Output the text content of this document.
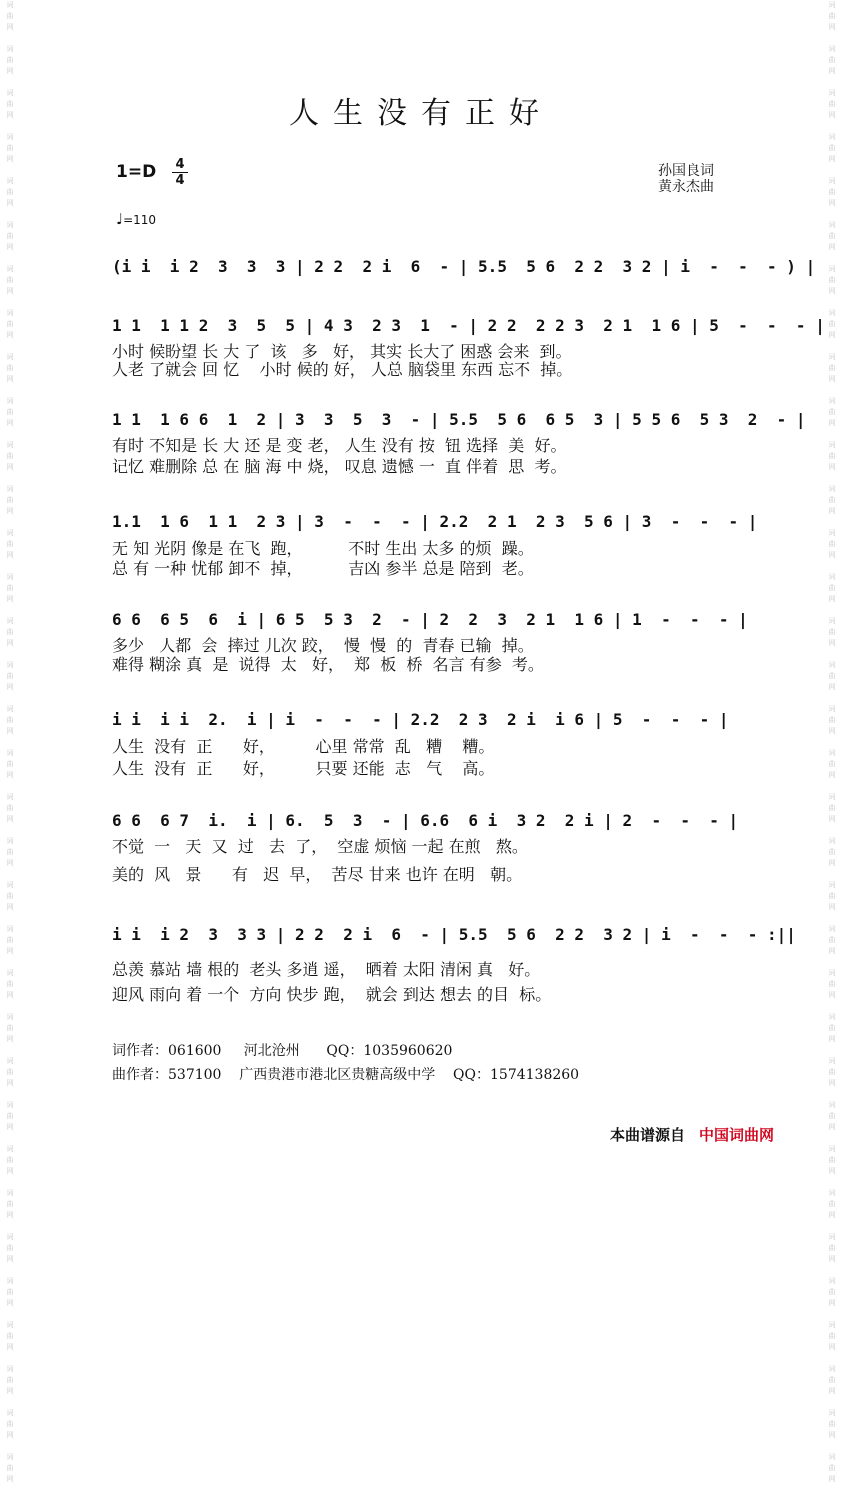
词
曲
网

词
曲
网

词
曲
网

词
曲
网

词
曲
网

词
曲
网

词
曲
网

词
曲
网

词
曲
网

词
曲
网

词
曲
网

词
曲
网

词
曲
网

词
曲
网

词
曲
网

词
曲
网

词
曲
网

词
曲
网

词
曲
网

词
曲
网

词
曲
网

词
曲
网

词
曲
网

词
曲
网

词
曲
网

词
曲
网

词
曲
网

词
曲
网

词
曲
网

词
曲
网

词
曲
网

词
曲
网

词
曲
网

词
曲
网

词
曲
网

词
曲
网

词
曲
网

词
曲
网

词
曲
网

词
曲
网

词
曲
网

词
曲
网

词
曲
网

词
曲
网

词
曲
网

词
曲
网

词
曲
网

词
曲
网

词
曲
网

词
曲
网

词
曲
网

词
曲
网

词
曲
网

词
曲
网

词
曲
网

词
曲
网

词
曲
网

词
曲
网

词
曲
网

词
曲
网

词
曲
网

词
曲
网

词
曲
网

词
曲
网

词
曲
网

词
曲
网

词
曲
网

词
曲
网

人生没有正好
1=D 4
4
孙国良词
黄永杰曲
♩=110
(i i  i 2  3  3  3 | 2 2  2 i  6  - | 5.5  5 6  2 2  3 2 | i  -  -  - ) |
1 1  1 1 2  3  5  5 | 4 3  2 3  1  - | 2 2  2 2 3  2 1  1 6 | 5  -  -  - |
小时 候盼望 长 大 了  该   多   好， 其实 长大了 困惑 会来  到。
人老 了就会 回 忆    小时 候的 好， 人总 脑袋里 东西 忘不  掉。
1 1  1 6 6  1  2 | 3  3  5  3  - | 5.5  5 6  6 5  3 | 5 5 6  5 3  2  - |
有时 不知是 长 大 还 是 变 老， 人生 没有 按  钮 选择  美  好。
记忆 难删除 总 在 脑 海 中 烧， 叹息 遗憾 一  直 伴着  思  考。
1.1  1 6  1 1  2 3 | 3  -  -  - | 2.2  2 1  2 3  5 6 | 3  -  -  - |
无 知 光阴 像是 在飞  跑，         不时 生出 太多 的烦  躁。
总 有 一种 忧郁 卸不  掉，         吉凶 参半 总是 陪到  老。
6 6  6 5  6  i | 6 5  5 3  2  - | 2  2  3  2 1  1 6 | 1  -  -  - |
多少   人都  会  摔过 儿次 跤，  慢  慢  的  青春 已输  掉。
难得 糊涂 真  是  说得  太   好，  郑  板  桥  名言 有参  考。
i i  i i  2.  i | i  -  -  - | 2.2  2 3  2 i  i 6 | 5  -  -  - |
人生  没有  正      好，        心里 常常  乱   糟    糟。
人生  没有  正      好，        只要 还能  志   气    高。
6 6  6 7  i.  i | 6.  5  3  - | 6.6  6 i  3 2  2 i | 2  -  -  - |
不觉  一   天  又  过   去  了，  空虚 烦恼 一起 在煎   熬。
美的  风   景      有   迟  早，  苦尽 甘来 也许 在明   朝。
i i  i 2  3  3 3 | 2 2  2 i  6  - | 5.5  5 6  2 2  3 2 | i  -  -  - :||
总羡 慕站 墙 根的  老头 多逍 遥，  晒着 太阳 清闲 真   好。
迎风 雨向 着 一个  方向 快步 跑，  就会 到达 想去 的目  标。
词作者：061600     河北沧州      QQ：1035960620
曲作者：537100    广西贵港市港北区贵糖高级中学    QQ：1574138260
本曲谱源自 中国词曲网
